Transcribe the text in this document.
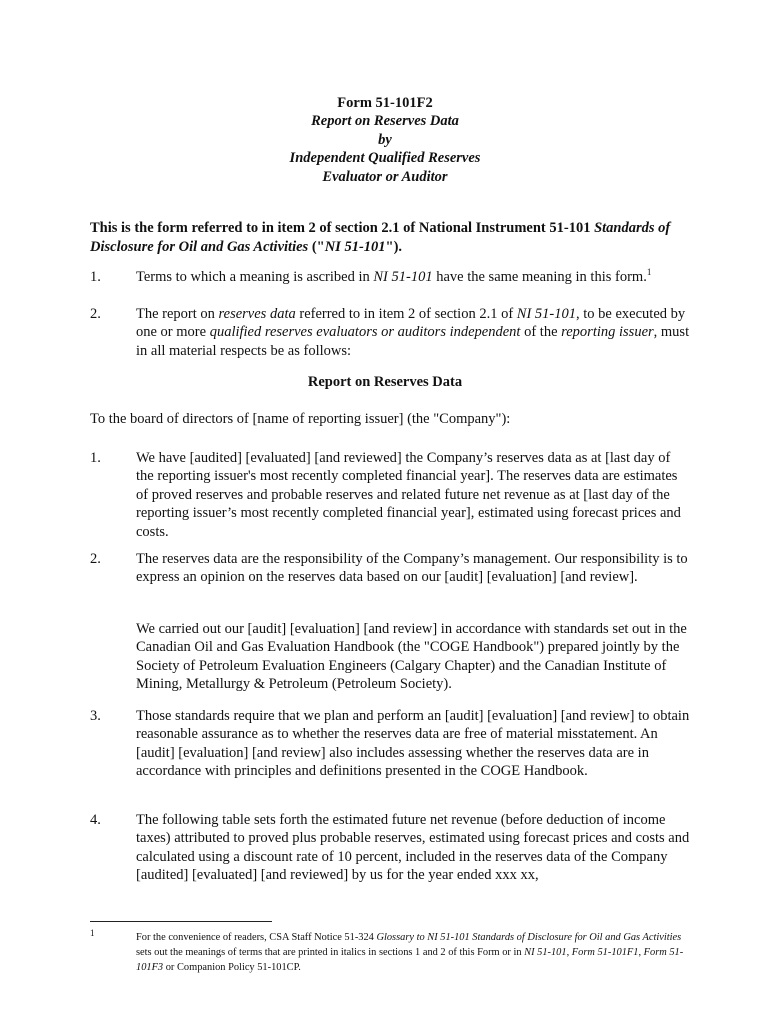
Form 51-101F2
Report on Reserves Data
by
Independent Qualified Reserves
Evaluator or Auditor
This is the form referred to in item 2 of section 2.1 of National Instrument 51-101 Standards of Disclosure for Oil and Gas Activities ("NI 51-101").
1. Terms to which a meaning is ascribed in NI 51-101 have the same meaning in this form.$^1$
2. The report on reserves data referred to in item 2 of section 2.1 of NI 51-101, to be executed by one or more qualified reserves evaluators or auditors independent of the reporting issuer, must in all material respects be as follows:
Report on Reserves Data
To the board of directors of [name of reporting issuer] (the "Company"):
1. We have [audited] [evaluated] [and reviewed] the Company’s reserves data as at [last day of the reporting issuer's most recently completed financial year]. The reserves data are estimates of proved reserves and probable reserves and related future net revenue as at [last day of the reporting issuer’s most recently completed financial year], estimated using forecast prices and costs.
2. The reserves data are the responsibility of the Company’s management. Our responsibility is to express an opinion on the reserves data based on our [audit] [evaluation] [and review].
We carried out our [audit] [evaluation] [and review] in accordance with standards set out in the Canadian Oil and Gas Evaluation Handbook (the "COGE Handbook") prepared jointly by the Society of Petroleum Evaluation Engineers (Calgary Chapter) and the Canadian Institute of Mining, Metallurgy & Petroleum (Petroleum Society).
3. Those standards require that we plan and perform an [audit] [evaluation] [and review] to obtain reasonable assurance as to whether the reserves data are free of material misstatement. An [audit] [evaluation] [and review] also includes assessing whether the reserves data are in accordance with principles and definitions presented in the COGE Handbook.
4. The following table sets forth the estimated future net revenue (before deduction of income taxes) attributed to proved plus probable reserves, estimated using forecast prices and costs and calculated using a discount rate of 10 percent, included in the reserves data of the Company [audited] [evaluated] [and reviewed] by us for the year ended xxx xx,
1	For the convenience of readers, CSA Staff Notice 51-324 Glossary to NI 51-101 Standards of Disclosure for Oil and Gas Activities sets out the meanings of terms that are printed in italics in sections 1 and 2 of this Form or in NI 51-101, Form 51-101F1, Form 51-101F3 or Companion Policy 51-101CP.
